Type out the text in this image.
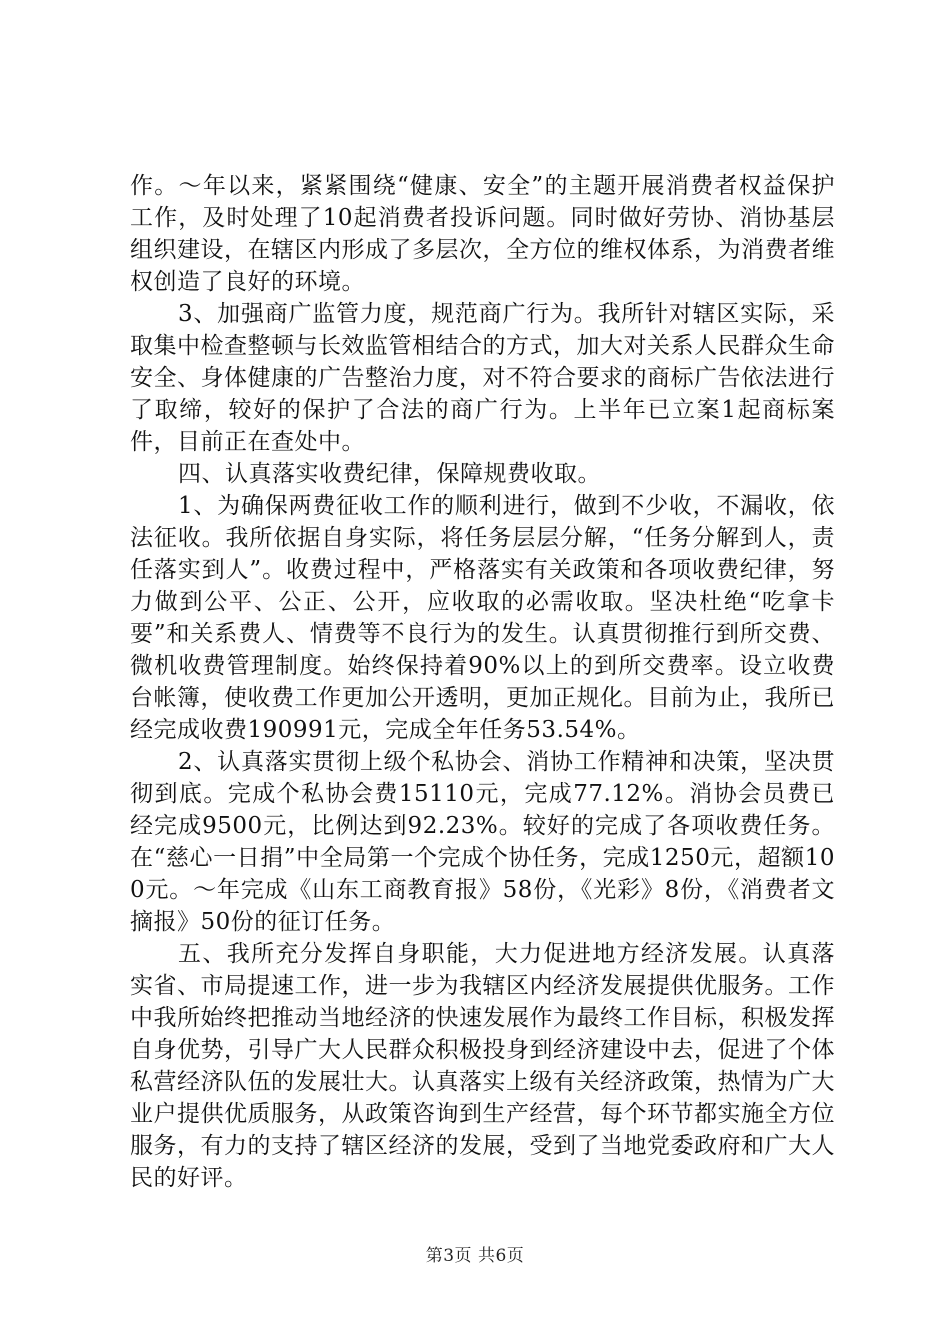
作。～年以来，紧紧围绕“健康、安全”的主题开展消费者权益保护工作，及时处理了10起消费者投诉问题。同时做好劳协、消协基层组织建设，在辖区内形成了多层次，全方位的维权体系，为消费者维权创造了良好的环境。

3、加强商广监管力度，规范商广行为。我所针对辖区实际，采取集中检查整顿与长效监管相结合的方式，加大对关系人民群众生命安全、身体健康的广告整治力度，对不符合要求的商标广告依法进行了取缔，较好的保护了合法的商广行为。上半年已立案1起商标案件，目前正在查处中。

四、认真落实收费纪律，保障规费收取。

1、为确保两费征收工作的顺利进行，做到不少收，不漏收，依法征收。我所依据自身实际，将任务层层分解，“任务分解到人，责任落实到人”。收费过程中，严格落实有关政策和各项收费纪律，努力做到公平、公正、公开，应收取的必需收取。坚决杜绝“吃拿卡要”和关系费人、情费等不良行为的发生。认真贯彻推行到所交费、微机收费管理制度。始终保持着90%以上的到所交费率。设立收费台帐簿，使收费工作更加公开透明，更加正规化。目前为止，我所已经完成收费190991元，完成全年任务53.54%。

2、认真落实贯彻上级个私协会、消协工作精神和决策，坚决贯彻到底。完成个私协会费15110元，完成77.12%。消协会员费已经完成9500元，比例达到92.23%。较好的完成了各项收费任务。在“慈心一日捐”中全局第一个完成个协任务，完成1250元，超额100元。～年完成《山东工商教育报》58份，《光彩》8份，《消费者文摘报》50份的征订任务。

五、我所充分发挥自身职能，大力促进地方经济发展。认真落实省、市局提速工作，进一步为我辖区内经济发展提供优服务。工作中我所始终把推动当地经济的快速发展作为最终工作目标，积极发挥自身优势，引导广大人民群众积极投身到经济建设中去，促进了个体私营经济队伍的发展壮大。认真落实上级有关经济政策，热情为广大业户提供优质服务，从政策咨询到生产经营，每个环节都实施全方位服务，有力的支持了辖区经济的发展，受到了当地党委政府和广大人民的好评。

第3页 共6页
